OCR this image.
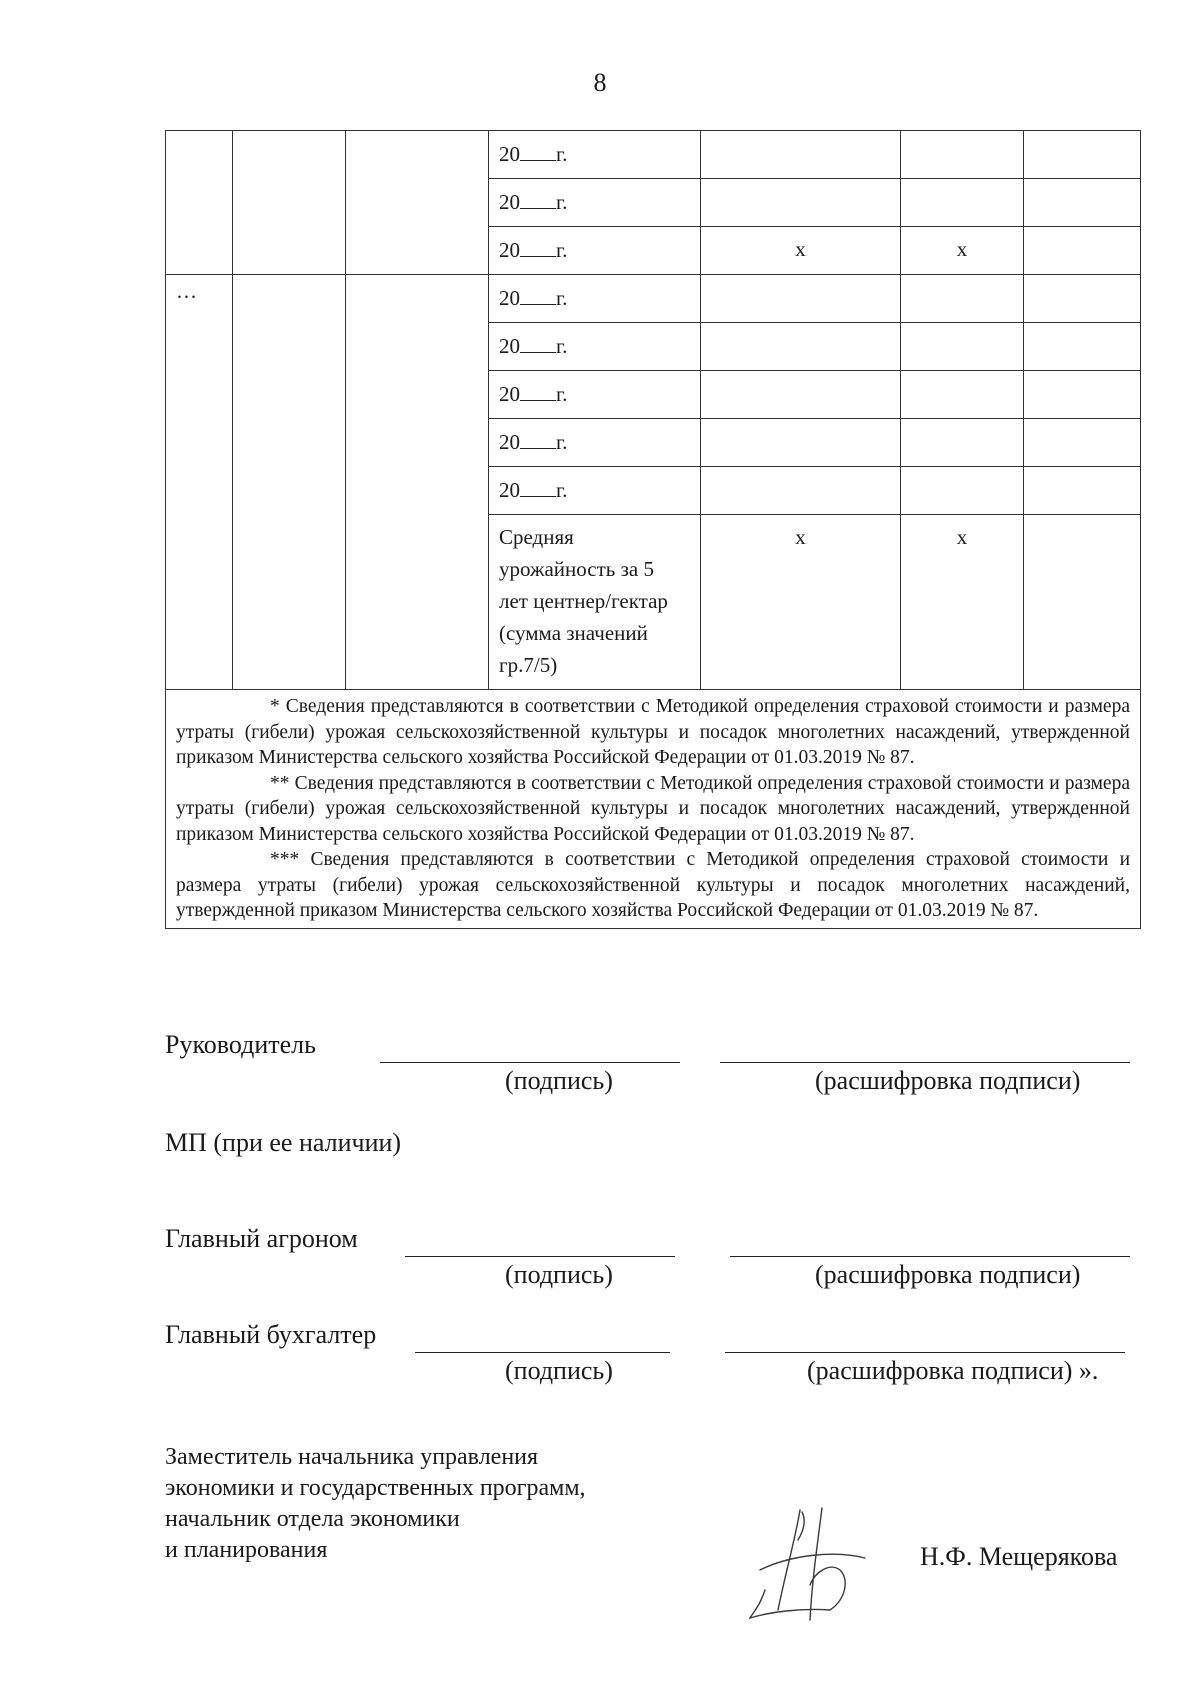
8
			20 г.			
			20 г.			
			20 г.	х	х	
…			20 г.			
			20 г.			
			20 г.			
			20 г.			
			20 г.			

			Средняя
урожайность за 5
лет центнер/гектар
(сумма значений
гр.7/5)	х	х	

* Сведения представляются в соответствии с Методикой определения страховой стоимости и размера утраты (гибели) урожая сельскохозяйственной культуры и посадок многолетних насаждений, утвержденной приказом Министерства сельского хозяйства Российской Федерации от 01.03.2019 № 87.
** Сведения представляются в соответствии с Методикой определения страховой стоимости и размера утраты (гибели) урожая сельскохозяйственной культуры и посадок многолетних насаждений, утвержденной приказом Министерства сельского хозяйства Российской Федерации от 01.03.2019 № 87.
*** Сведения представляются в соответствии с Методикой определения страховой стоимости и размера утраты (гибели) урожая сельскохозяйственной культуры и посадок многолетних насаждений, утвержденной приказом Министерства сельского хозяйства Российской Федерации от 01.03.2019 № 87.						
Руководитель
(подпись)	(расшифровка подписи)
МП (при ее наличии)
Главный агроном
(подпись)	(расшифровка подписи)
Главный бухгалтер
(подпись)	(расшифровка подписи) ».
Заместитель начальника управления
экономики и государственных программ,
начальник отдела экономики
и планирования	Н.Ф. Мещерякова
